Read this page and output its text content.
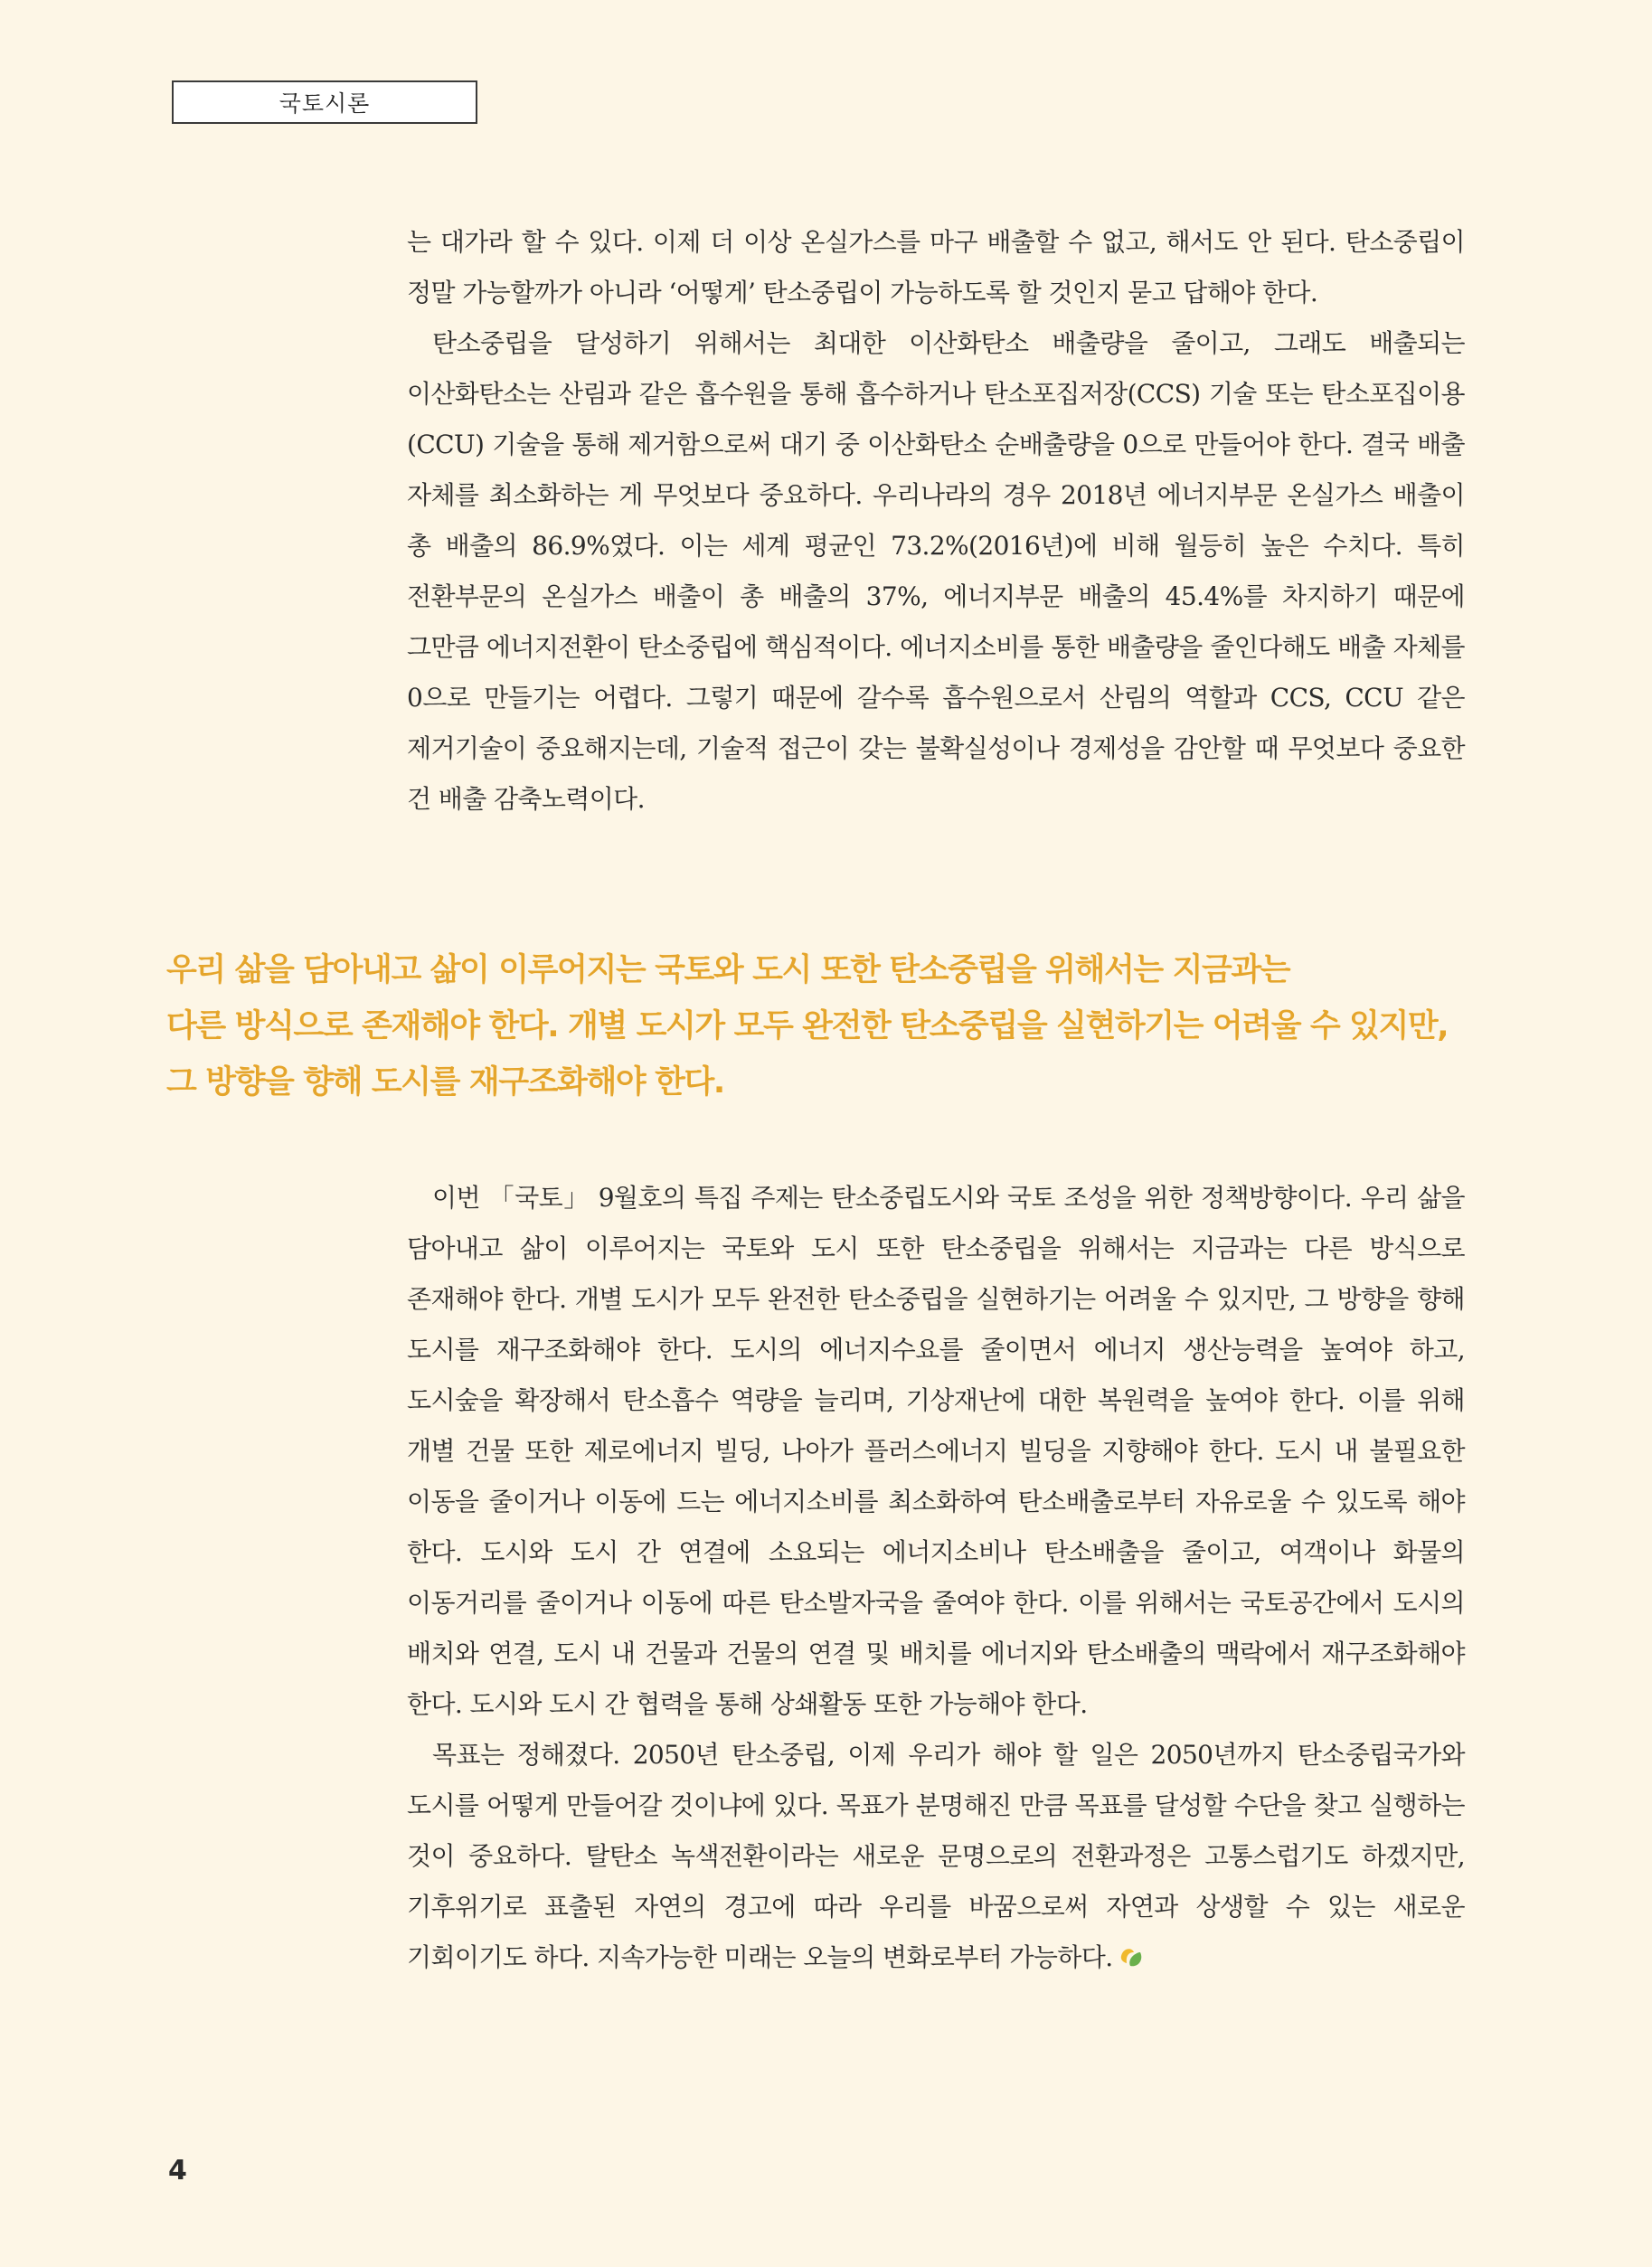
국토시론

는 대가라 할 수 있다. 이제 더 이상 온실가스를 마구 배출할 수 없고, 해서도 안 된다. 탄소중립이 정말 가능할까가 아니라 ‘어떻게’ 탄소중립이 가능하도록 할 것인지 묻고 답해야 한다.

탄소중립을 달성하기 위해서는 최대한 이산화탄소 배출량을 줄이고, 그래도 배출되는 이산화탄소는 산림과 같은 흡수원을 통해 흡수하거나 탄소포집저장(CCS) 기술 또는 탄소포집이용(CCU) 기술을 통해 제거함으로써 대기 중 이산화탄소 순배출량을 0으로 만들어야 한다. 결국 배출 자체를 최소화하는 게 무엇보다 중요하다. 우리나라의 경우 2018년 에너지부문 온실가스 배출이 총 배출의 86.9%였다. 이는 세계 평균인 73.2%(2016년)에 비해 월등히 높은 수치다. 특히 전환부문의 온실가스 배출이 총 배출의 37%, 에너지부문 배출의 45.4%를 차지하기 때문에 그만큼 에너지전환이 탄소중립에 핵심적이다. 에너지소비를 통한 배출량을 줄인다해도 배출 자체를 0으로 만들기는 어렵다. 그렇기 때문에 갈수록 흡수원으로서 산림의 역할과 CCS, CCU 같은 제거기술이 중요해지는데, 기술적 접근이 갖는 불확실성이나 경제성을 감안할 때 무엇보다 중요한 건 배출 감축노력이다.

우리 삶을 담아내고 삶이 이루어지는 국토와 도시 또한 탄소중립을 위해서는 지금과는
다른 방식으로 존재해야 한다. 개별 도시가 모두 완전한 탄소중립을 실현하기는 어려울 수 있지만,
그 방향을 향해 도시를 재구조화해야 한다.

이번 「국토」 9월호의 특집 주제는 탄소중립도시와 국토 조성을 위한 정책방향이다. 우리 삶을 담아내고 삶이 이루어지는 국토와 도시 또한 탄소중립을 위해서는 지금과는 다른 방식으로 존재해야 한다. 개별 도시가 모두 완전한 탄소중립을 실현하기는 어려울 수 있지만, 그 방향을 향해 도시를 재구조화해야 한다. 도시의 에너지수요를 줄이면서 에너지 생산능력을 높여야 하고, 도시숲을 확장해서 탄소흡수 역량을 늘리며, 기상재난에 대한 복원력을 높여야 한다. 이를 위해 개별 건물 또한 제로에너지 빌딩, 나아가 플러스에너지 빌딩을 지향해야 한다. 도시 내 불필요한 이동을 줄이거나 이동에 드는 에너지소비를 최소화하여 탄소배출로부터 자유로울 수 있도록 해야 한다. 도시와 도시 간 연결에 소요되는 에너지소비나 탄소배출을 줄이고, 여객이나 화물의 이동거리를 줄이거나 이동에 따른 탄소발자국을 줄여야 한다. 이를 위해서는 국토공간에서 도시의 배치와 연결, 도시 내 건물과 건물의 연결 및 배치를 에너지와 탄소배출의 맥락에서 재구조화해야 한다. 도시와 도시 간 협력을 통해 상쇄활동 또한 가능해야 한다.

목표는 정해졌다. 2050년 탄소중립, 이제 우리가 해야 할 일은 2050년까지 탄소중립국가와 도시를 어떻게 만들어갈 것이냐에 있다. 목표가 분명해진 만큼 목표를 달성할 수단을 찾고 실행하는 것이 중요하다. 탈탄소 녹색전환이라는 새로운 문명으로의 전환과정은 고통스럽기도 하겠지만, 기후위기로 표출된 자연의 경고에 따라 우리를 바꿈으로써 자연과 상생할 수 있는 새로운 기회이기도 하다. 지속가능한 미래는 오늘의 변화로부터 가능하다.

4
